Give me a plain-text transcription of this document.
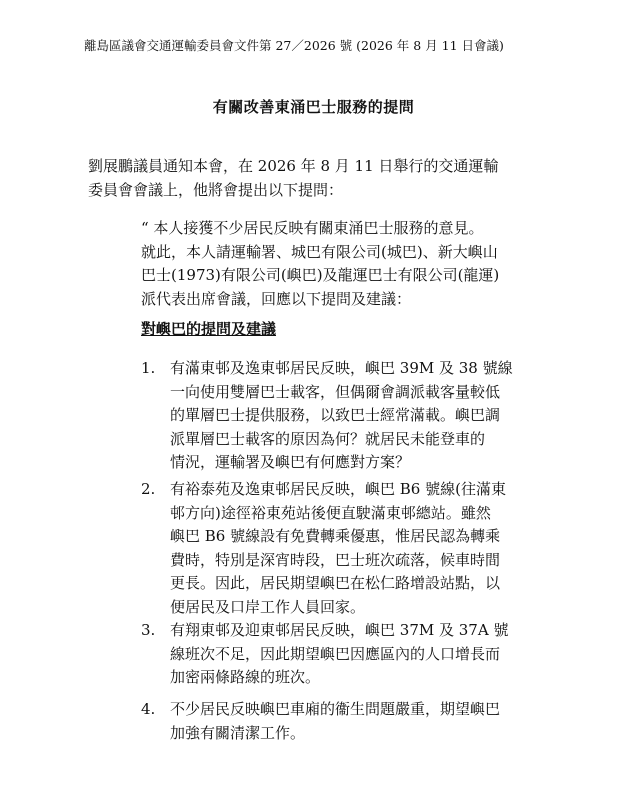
離島區議會交通運輸委員會文件第 27／2026 號 (2026 年 8 月 11 日會議)
有關改善東涌巴士服務的提問
劉展鵬議員通知本會，在 2026 年 8 月 11 日舉行的交通運輸
委員會會議上，他將會提出以下提問：
“ 本人接獲不少居民反映有關東涌巴士服務的意見。
就此，本人請運輸署、城巴有限公司(城巴)、新大嶼山
巴士(1973)有限公司(嶼巴)及龍運巴士有限公司(龍運)
派代表出席會議，回應以下提問及建議：
對嶼巴的提問及建議
1. 有滿東邨及逸東邨居民反映，嶼巴 39M 及 38 號線
一向使用雙層巴士載客，但偶爾會調派載客量較低
的單層巴士提供服務，以致巴士經常滿載。嶼巴調
派單層巴士載客的原因為何？就居民未能登車的
情況，運輸署及嶼巴有何應對方案？
2. 有裕泰苑及逸東邨居民反映，嶼巴 B6 號線(往滿東
邨方向)途徑裕東苑站後便直駛滿東邨總站。雖然
嶼巴 B6 號線設有免費轉乘優惠，惟居民認為轉乘
費時，特別是深宵時段，巴士班次疏落，候車時間
更長。因此，居民期望嶼巴在松仁路增設站點，以
便居民及口岸工作人員回家。
3. 有翔東邨及迎東邨居民反映，嶼巴 37M 及 37A 號
線班次不足，因此期望嶼巴因應區內的人口增長而
加密兩條路線的班次。
4. 不少居民反映嶼巴車廂的衞生問題嚴重，期望嶼巴
加強有關清潔工作。
